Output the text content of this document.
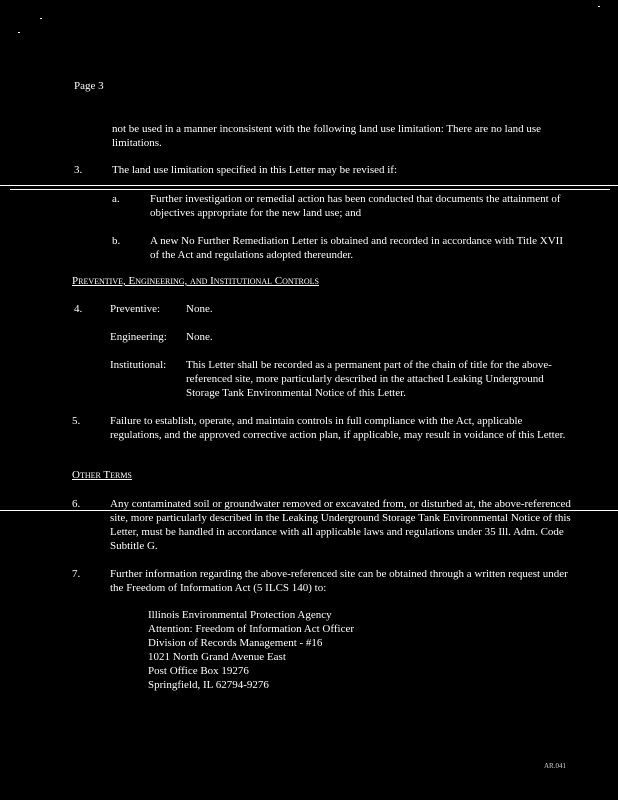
Page 3

not be used in a manner inconsistent with the following land use limitation: There are no land use limitations.

3.	The land use limitation specified in this Letter may be revised if:

a.	Further investigation or remedial action has been conducted that documents the attainment of objectives appropriate for the new land use; and

b.	A new No Further Remediation Letter is obtained and recorded in accordance with Title XVII of the Act and regulations adopted thereunder.

Preventive, Engineering, and Institutional Controls

4.	Preventive: None.
Engineering: None.
Institutional: This Letter shall be recorded as a permanent part of the chain of title for the above-referenced site, more particularly described in the attached Leaking Underground Storage Tank Environmental Notice of this Letter.

5.	Failure to establish, operate, and maintain controls in full compliance with the Act, applicable regulations, and the approved corrective action plan, if applicable, may result in voidance of this Letter.

Other Terms

6.	Any contaminated soil or groundwater removed or excavated from, or disturbed at, the above-referenced site, more particularly described in the Leaking Underground Storage Tank Environmental Notice of this Letter, must be handled in accordance with all applicable laws and regulations under 35 Ill. Adm. Code Subtitle G.

7.	Further information regarding the above-referenced site can be obtained through a written request under the Freedom of Information Act (5 ILCS 140) to:

Illinois Environmental Protection Agency
Attention: Freedom of Information Act Officer
Division of Records Management - #16
1021 North Grand Avenue East
Post Office Box 19276
Springfield, IL 62794-9276
AR.041
